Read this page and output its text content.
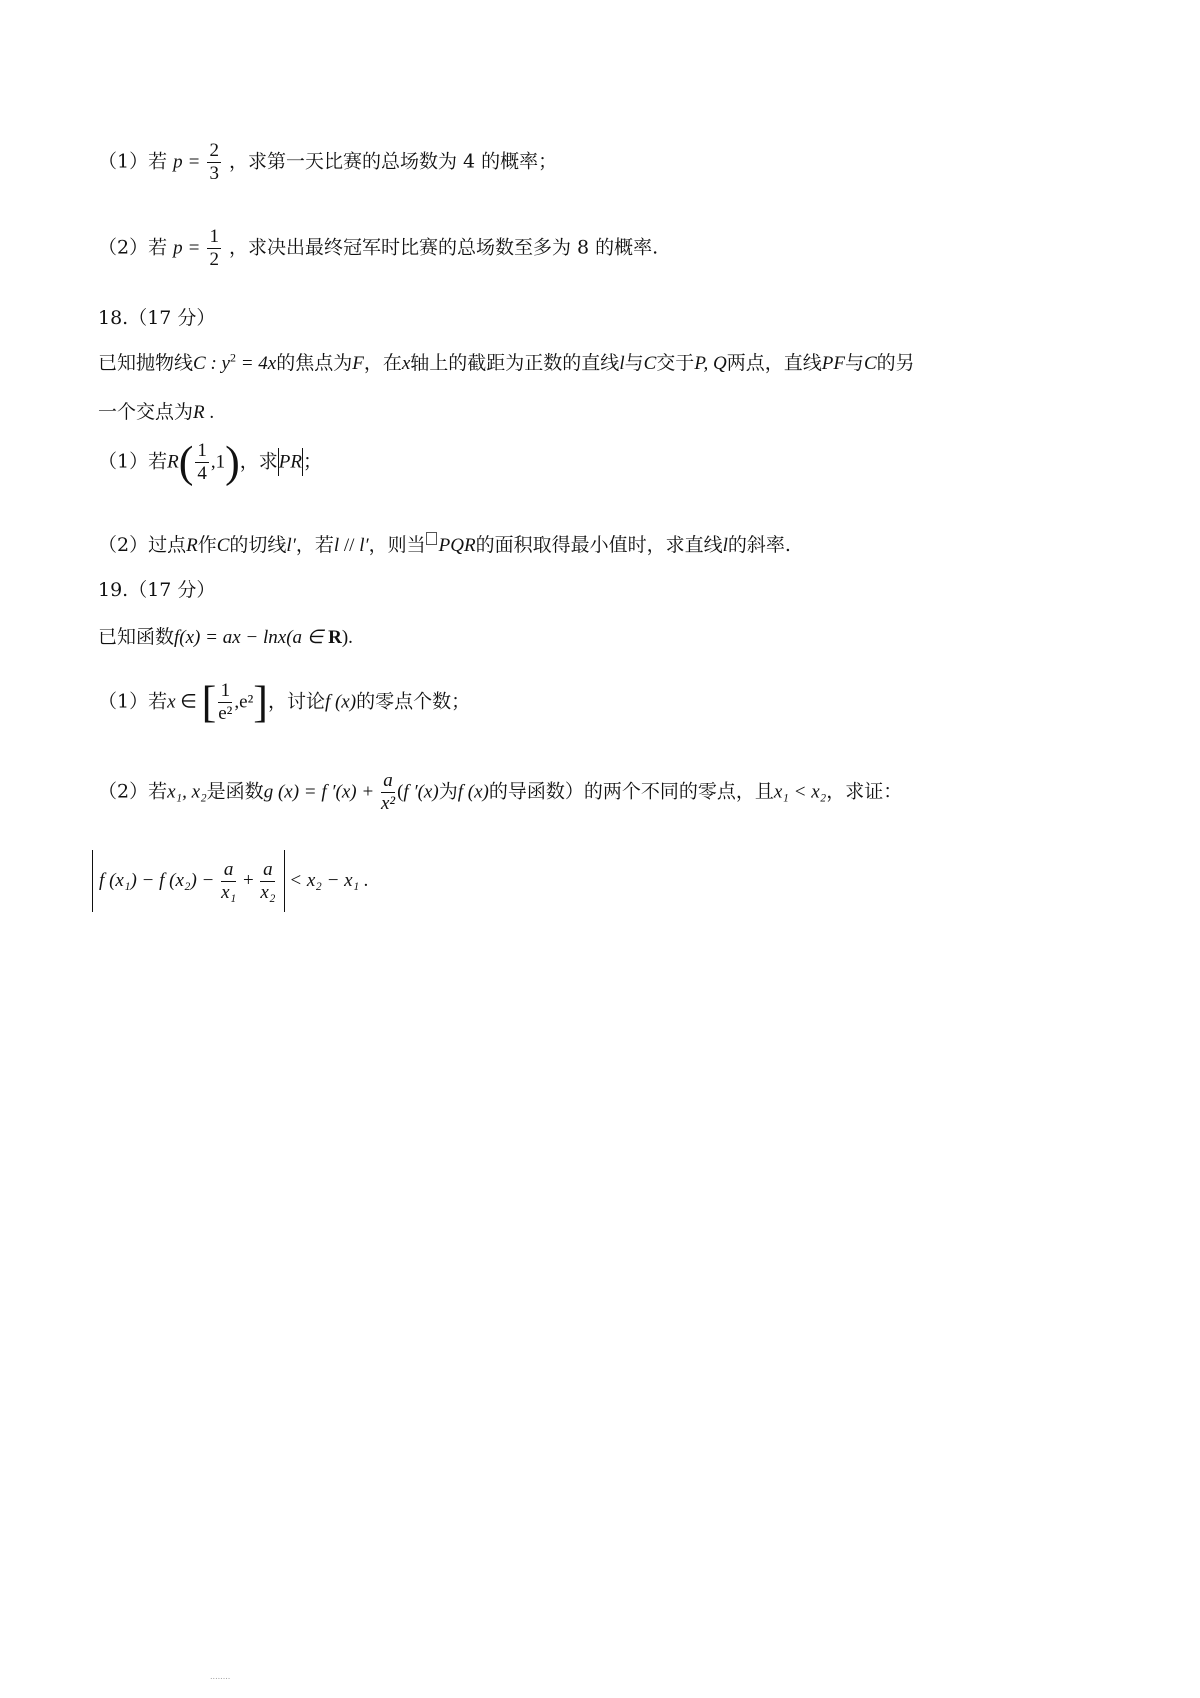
（1）若 $p = \frac{2}{3}$ ，求第一天比赛的总场数为 4 的概率；
（2）若 $p = \frac{1}{2}$ ，求决出最终冠军时比赛的总场数至多为 8 的概率.
18.（17 分）
已知抛物线C : $y^2 = 4x$的焦点为F，在x轴上的截距为正数的直线l与C交于P, Q两点，直线PF与C的另
一个交点为R .
（1）若$R( \frac{1}{4} ,1)$，求PR；
（2）过点R作C的切线l′，若l // l′，则当 PQR的面积取得最小值时，求直线l的斜率.
19.（17 分）
已知函数f(x) = ax − lnx(a ∈ R).
（1）若x ∈ [ $\frac{1}{\text{e²}} ,e^2$]，讨论f (x)的零点个数；
（2）若x₁, x₂是函数g (x) = f $'(x) + \frac{a}{\text{x²}} (f$ ′(x)为f (x)的导函数）的两个不同的零点，且x₁ < x₂，求证：
f (x₁) − f $(x_2) - \frac{a}{\text{x₁}} + \frac{a}{\text{x₂}} < x_2 - x_1$ .
........
